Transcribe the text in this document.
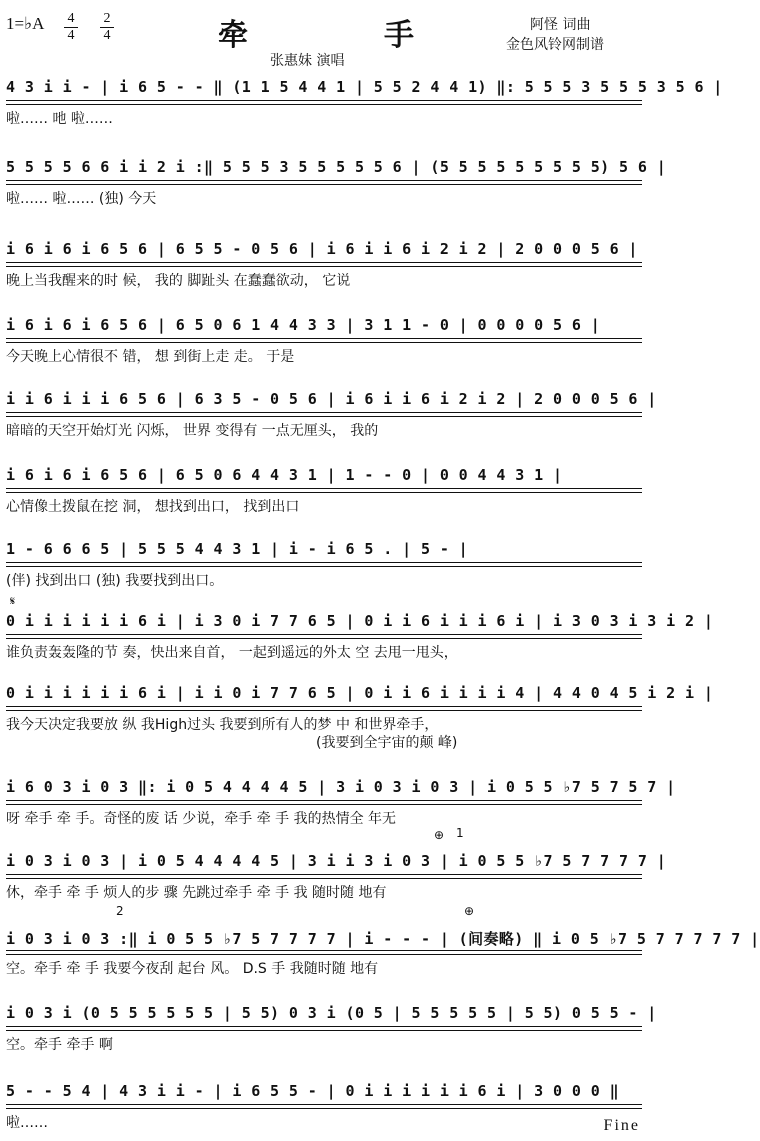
1=♭A 4
4
2
4	牵	手	阿怪 词曲
金色风铃网制谱
张惠妹 演唱
4 3 i i - | i 6 5 - - ‖ (1 1 5 4 4 1 | 5 5 2 4 4 1) ‖: 5 5 5 3 5 5 5 3 5 6 |
啦…… 吔 啦……
5 5 5 5 6 6 i i 2 i :‖ 5 5 5 3 5 5 5 5 5 6 | (5 5 5 5 5 5 5 5 5) 5 6 |
啦…… 啦…… (独) 今天
i 6 i 6 i 6 5 6 | 6 5 5 - 0 5 6 | i 6 i i 6 i 2 i 2 | 2 0 0 0 5 6 |
晚上当我醒来的时 候， 我的 脚趾头 在蠢蠢欲动， 它说
i 6 i 6 i 6 5 6 | 6 5 0 6 1 4 4 3 3 | 3 1 1 - 0 | 0 0 0 0 5 6 |
今天晚上心情很不 错， 想 到街上走 走。 于是
i i 6 i i i 6 5 6 | 6 3 5 - 0 5 6 | i 6 i i 6 i 2 i 2 | 2 0 0 0 5 6 |
暗暗的天空开始灯光 闪烁， 世界 变得有 一点无厘头， 我的
i 6 i 6 i 6 5 6 | 6 5 0 6 4 4 3 1 | 1 - - 0 | 0 0 4 4 3 1 |
心情像土拨鼠在挖 洞， 想找到出口， 找到出口
1 - 6 6 6 5 | 5 5 5 4 4 3 1 | i - i 6 5 . | 5 - |
(伴) 找到出口 (独) 我要找到出口。
𝄋
0 i i i i i i 6 i | i 3 0 i 7 7 6 5 | 0 i i 6 i i i 6 i | i 3 0 3 i 3 i 2 |
谁负责轰轰隆的节 奏，快出来自首， 一起到遥远的外太 空 去甩一甩头，
0 i i i i i i 6 i | i i 0 i 7 7 6 5 | 0 i i 6 i i i i 4 | 4 4 0 4 5 i 2 i |
我今天决定我要放 纵 我High过头 我要到所有人的梦 中 和世界牵手，
(我要到全宇宙的颠 峰)
i 6 0 3 i 0 3 ‖: i 0 5 4 4 4 4 5 | 3 i 0 3 i 0 3 | i 0 5 5 ♭7 5 7 5 7 |
呀 牵手 牵 手。奇怪的废 话 少说，牵手 牵 手 我的热情全 年无
⊕ 1
i 0 3 i 0 3 | i 0 5 4 4 4 4 5 | 3 i i 3 i 0 3 | i 0 5 5 ♭7 5 7 7 7 7 |
休，牵手 牵 手 烦人的步 骤 先跳过牵手 牵 手 我 随时随 地有
2	⊕
i 0 3 i 0 3 :‖ i 0 5 5 ♭7 5 7 7 7 7 | i - - - | (间奏略) ‖ i 0 5 ♭7 5 7 7 7 7 7 |
空。牵手 牵 手 我要今夜刮 起台 风。 D.S 手 我随时随 地有
i 0 3 i (0 5 5 5 5 5 5 | 5 5) 0 3 i (0 5 | 5 5 5 5 5 | 5 5) 0 5 5 - |
空。牵手 牵手 啊
5 - - 5 4 | 4 3 i i - | i 6 5 5 - | 0 i i i i i i 6 i | 3 0 0 0 ‖
啦……	Fine
